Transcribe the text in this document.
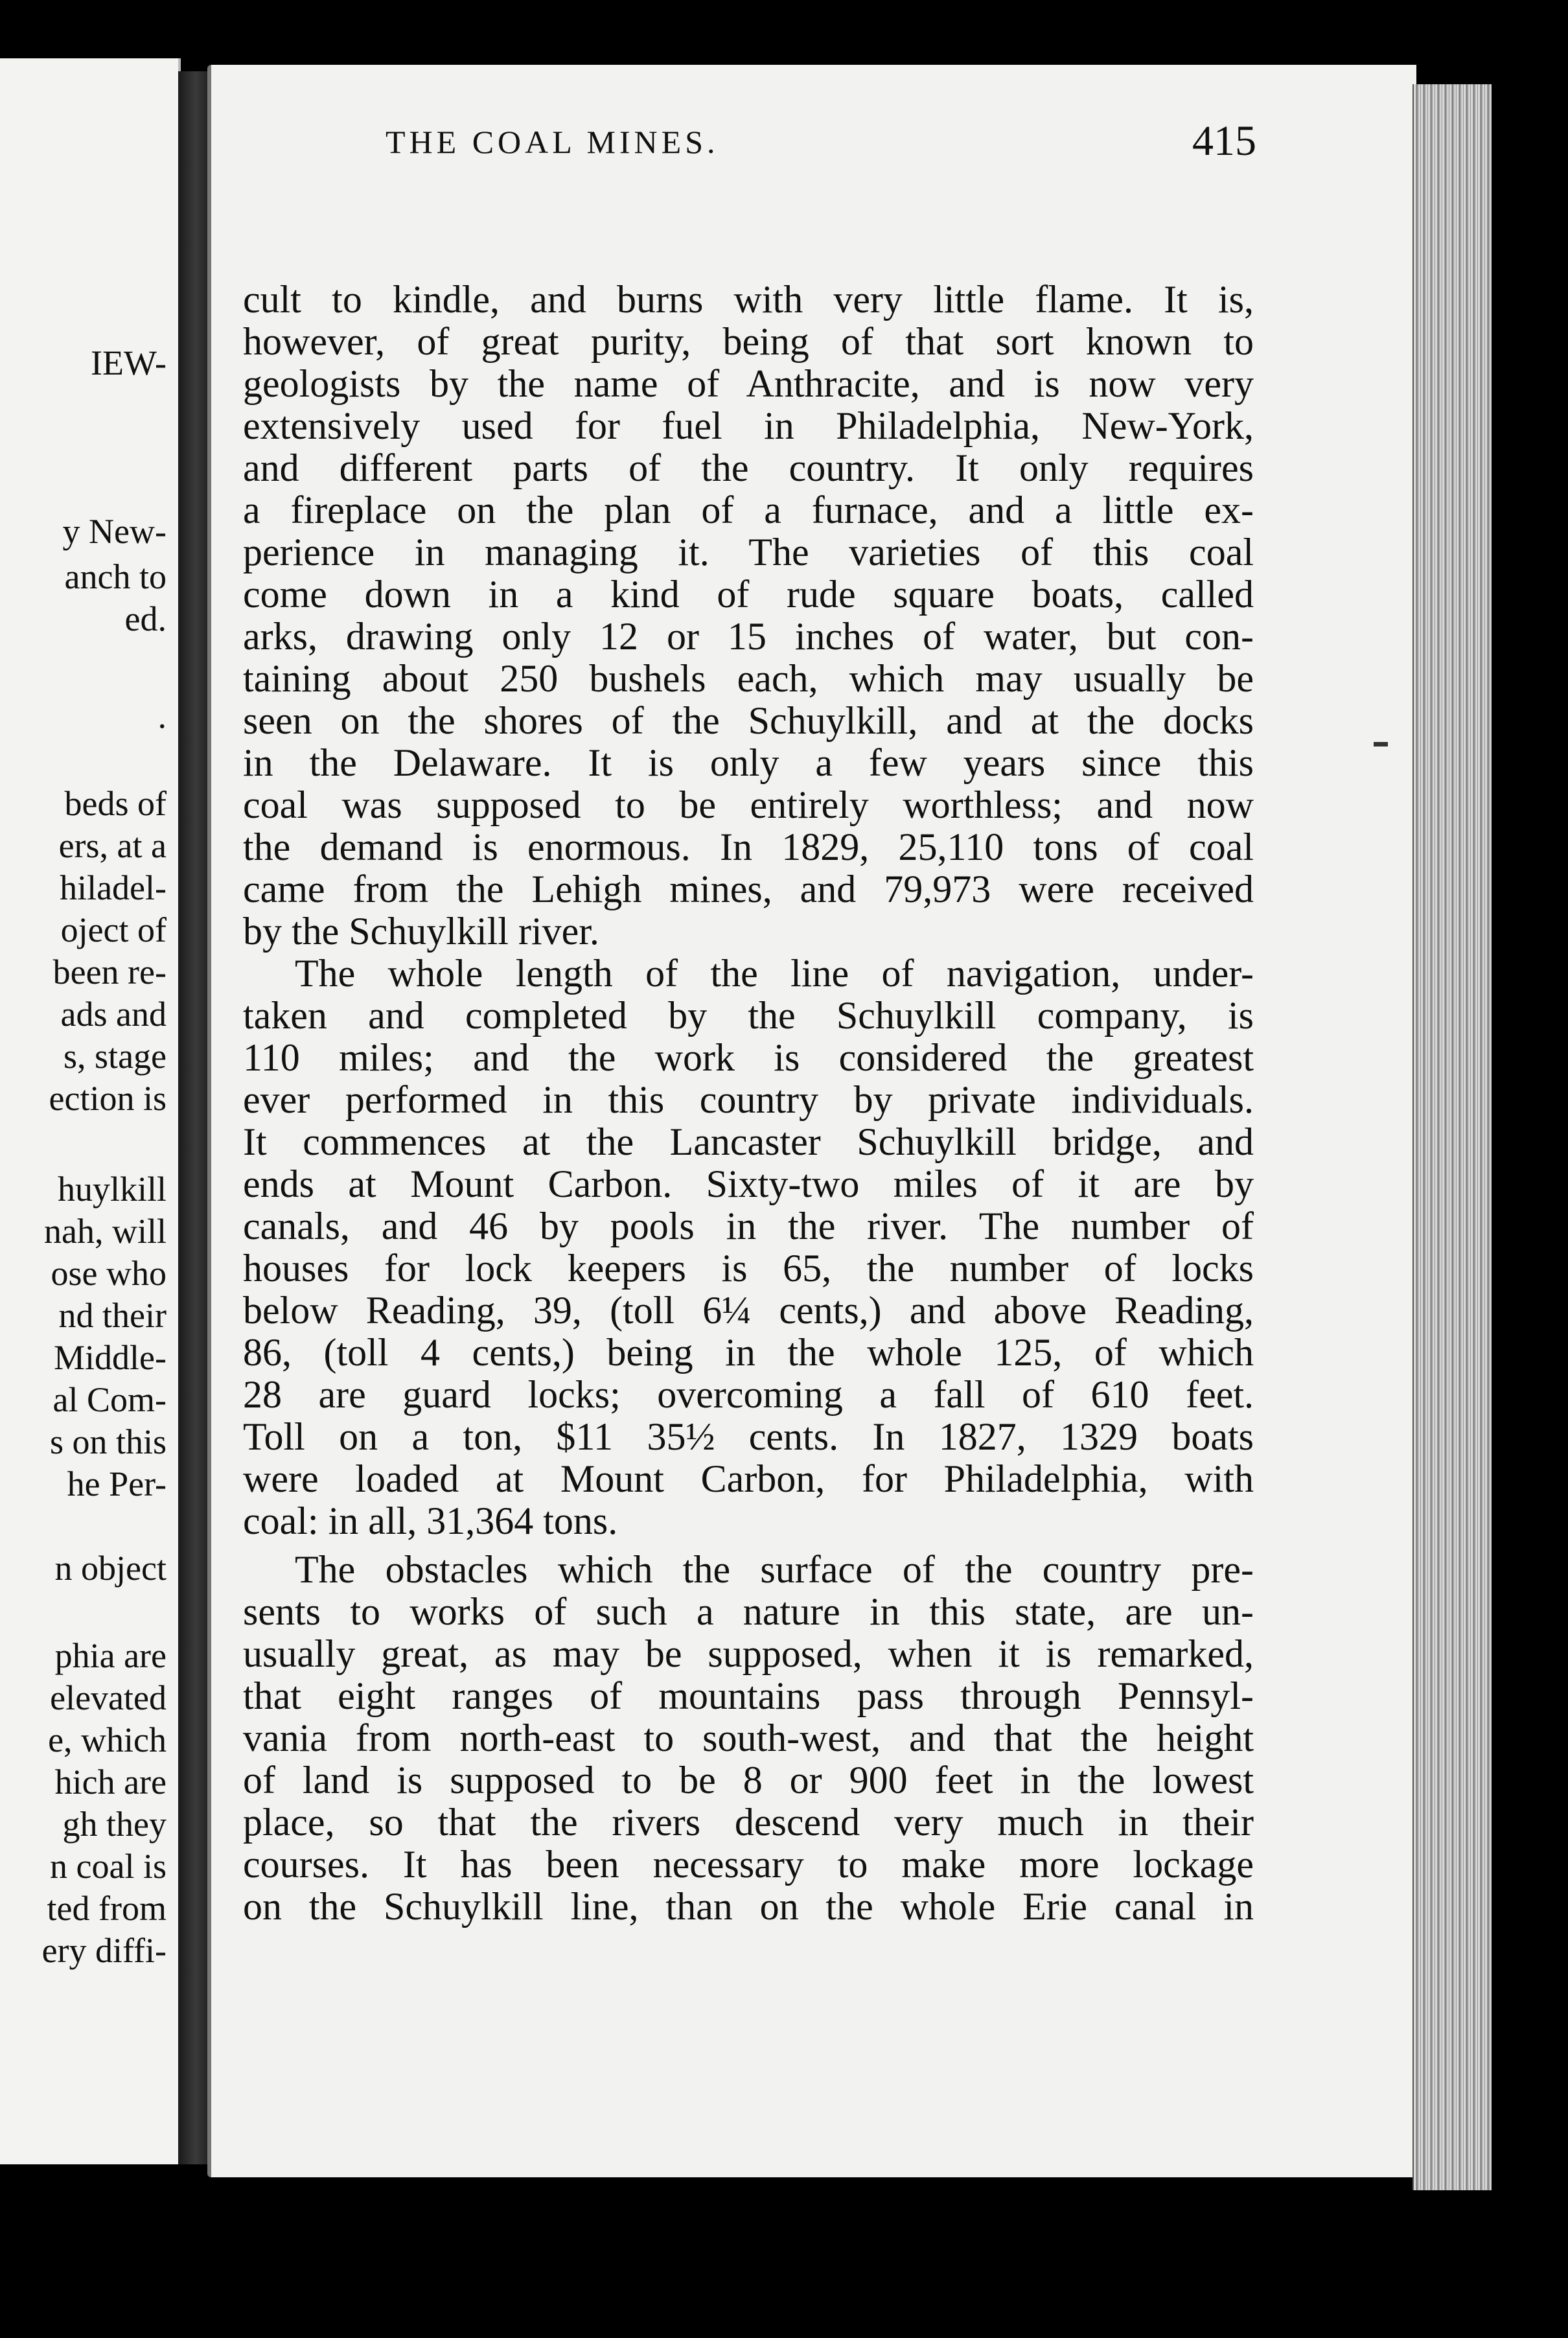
IEW-
y New-
anch to
ed.
.
beds of
ers, at a
hiladel-
oject of
been re-
ads and
s, stage
ection is
huylkill
nah, will
ose who
nd their
Middle-
al Com-
s on this
he Per-
n object
phia are
elevated
e, which
hich are
gh they
n coal is
ted from
ery diffi-
THE COAL MINES.	415
cult to kindle, and burns with very little flame. It is,
however, of great purity, being of that sort known to
geologists by the name of Anthracite, and is now very
extensively used for fuel in Philadelphia, New-York,
and different parts of the country. It only requires
a fireplace on the plan of a furnace, and a little ex-
perience in managing it. The varieties of this coal
come down in a kind of rude square boats, called
arks, drawing only 12 or 15 inches of water, but con-
taining about 250 bushels each, which may usually be
seen on the shores of the Schuylkill, and at the docks
in the Delaware. It is only a few years since this
coal was supposed to be entirely worthless; and now
the demand is enormous. In 1829, 25,110 tons of coal
came from the Lehigh mines, and 79,973 were received
by the Schuylkill river.
The whole length of the line of navigation, under-
taken and completed by the Schuylkill company, is
110 miles; and the work is considered the greatest
ever performed in this country by private individuals.
It commences at the Lancaster Schuylkill bridge, and
ends at Mount Carbon. Sixty-two miles of it are by
canals, and 46 by pools in the river. The number of
houses for lock keepers is 65, the number of locks
below Reading, 39, (toll 6¼ cents,) and above Reading,
86, (toll 4 cents,) being in the whole 125, of which
28 are guard locks; overcoming a fall of 610 feet.
Toll on a ton, $11 35½ cents. In 1827, 1329 boats
were loaded at Mount Carbon, for Philadelphia, with
coal: in all, 31,364 tons.
The obstacles which the surface of the country pre-
sents to works of such a nature in this state, are un-
usually great, as may be supposed, when it is remarked,
that eight ranges of mountains pass through Pennsyl-
vania from north-east to south-west, and that the height
of land is supposed to be 8 or 900 feet in the lowest
place, so that the rivers descend very much in their
courses. It has been necessary to make more lockage
on the Schuylkill line, than on the whole Erie canal in
